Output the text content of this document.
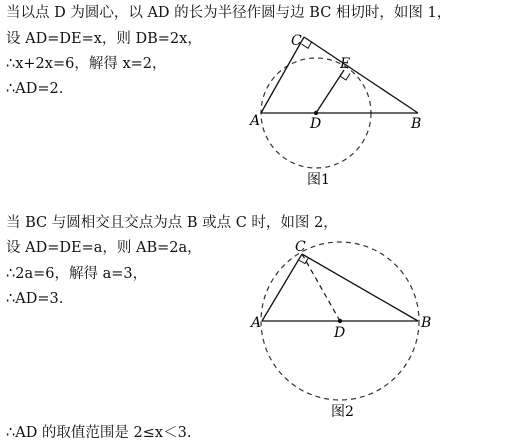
当以点 D 为圆心，以 AD 的长为半径作圆与边 BC 相切时，如图 1，
设 AD=DE=x，则 DB=2x，
∴x+2x=6，解得 x=2，
∴AD=2.
当 BC 与圆相交且交点为点 B 或点 C 时，如图 2，
设 AD=DE=a，则 AB=2a，
∴2a=6，解得 a=3，
∴AD=3.
∴AD 的取值范围是 2≤x＜3.
A	B
C
D
E
图1
A	B
C
D
图2
